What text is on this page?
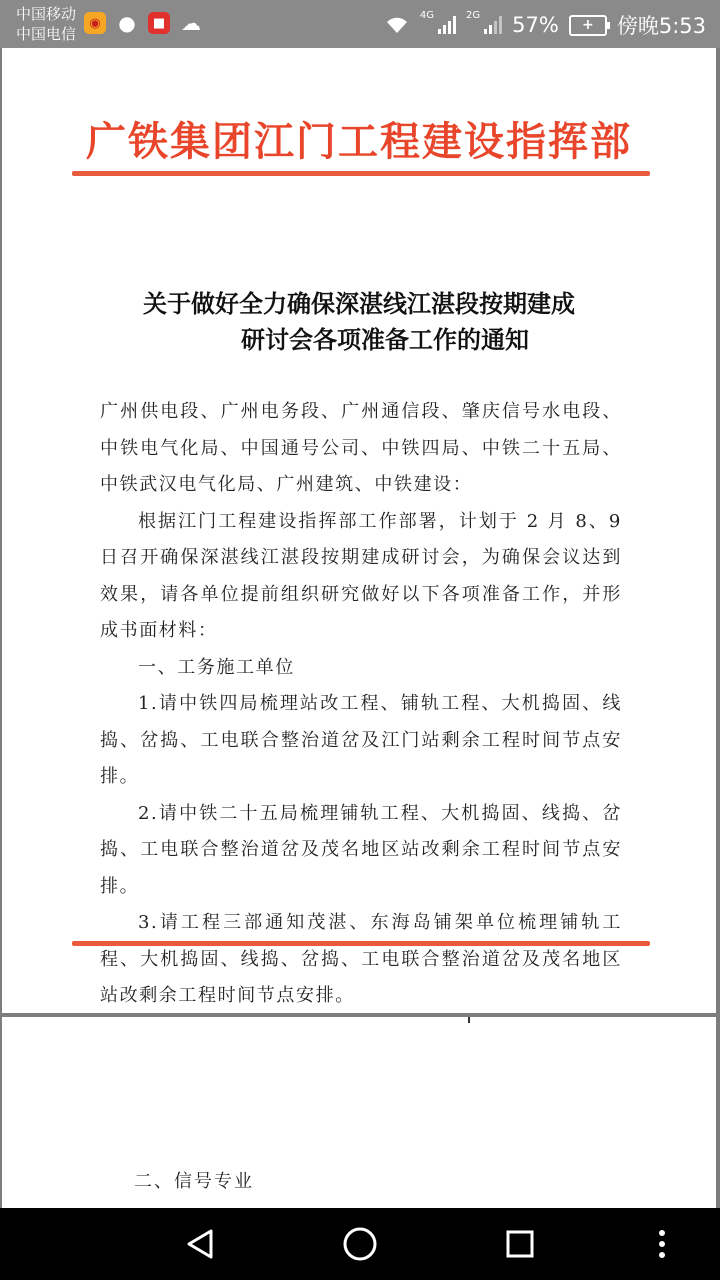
中国移动
中国电信
◉ ●	■ ☁	4G	2G 57%	+	傍晚5:53
广铁集团江门工程建设指挥部
关于做好全力确保深湛线江湛段按期建成
研讨会各项准备工作的通知

广州供电段、广州电务段、广州通信段、肇庆信号水电段、中铁电气化局、中国通号公司、中铁四局、中铁二十五局、中铁武汉电气化局、广州建筑、中铁建设：

根据江门工程建设指挥部工作部署，计划于 2 月 8、9 日召开确保深湛线江湛段按期建成研讨会，为确保会议达到效果，请各单位提前组织研究做好以下各项准备工作，并形成书面材料：

一、工务施工单位

1.请中铁四局梳理站改工程、铺轨工程、大机捣固、线捣、岔捣、工电联合整治道岔及江门站剩余工程时间节点安排。

2.请中铁二十五局梳理铺轨工程、大机捣固、线捣、岔捣、工电联合整治道岔及茂名地区站改剩余工程时间节点安排。

3.请工程三部通知茂湛、东海岛铺架单位梳理铺轨工程、大机捣固、线捣、岔捣、工电联合整治道岔及茂名地区站改剩余工程时间节点安排。

二、信号专业
